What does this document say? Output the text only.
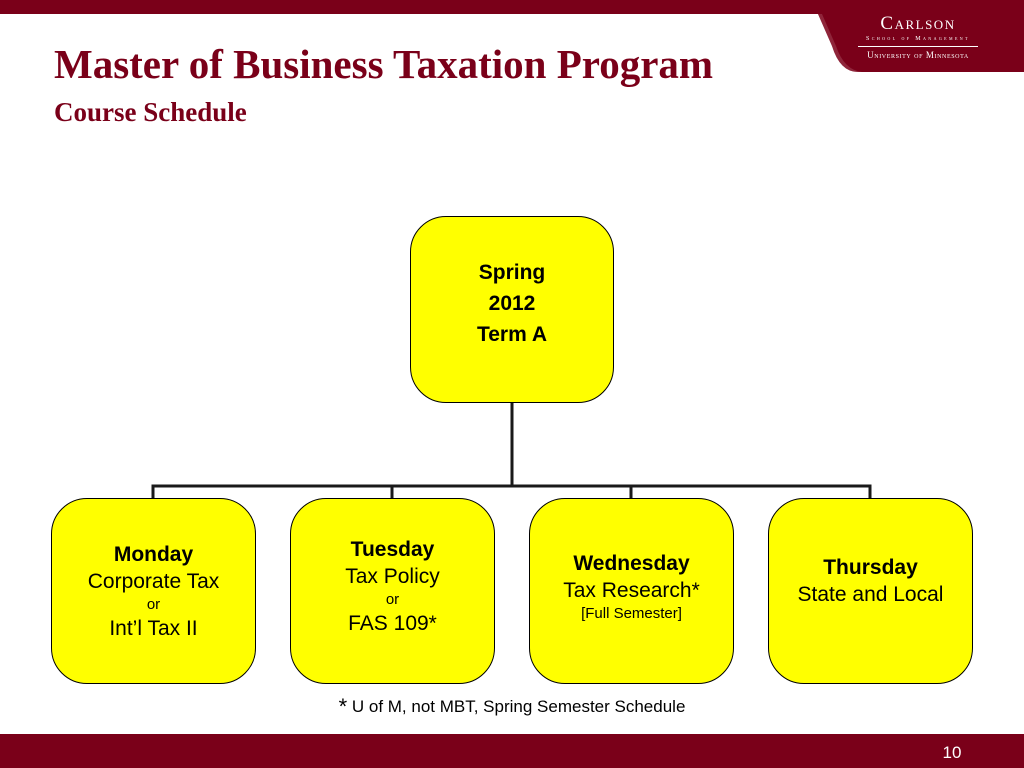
Carlson
School of Management
University of Minnesota
Master of Business Taxation Program
Course Schedule
Spring
2012
Term A
Monday
Corporate Tax
or
Int’l Tax II
Tuesday
Tax Policy
or
FAS 109*
Wednesday
Tax Research*
[Full Semester]
Thursday
State and Local
* U of M, not MBT, Spring Semester Schedule
10
